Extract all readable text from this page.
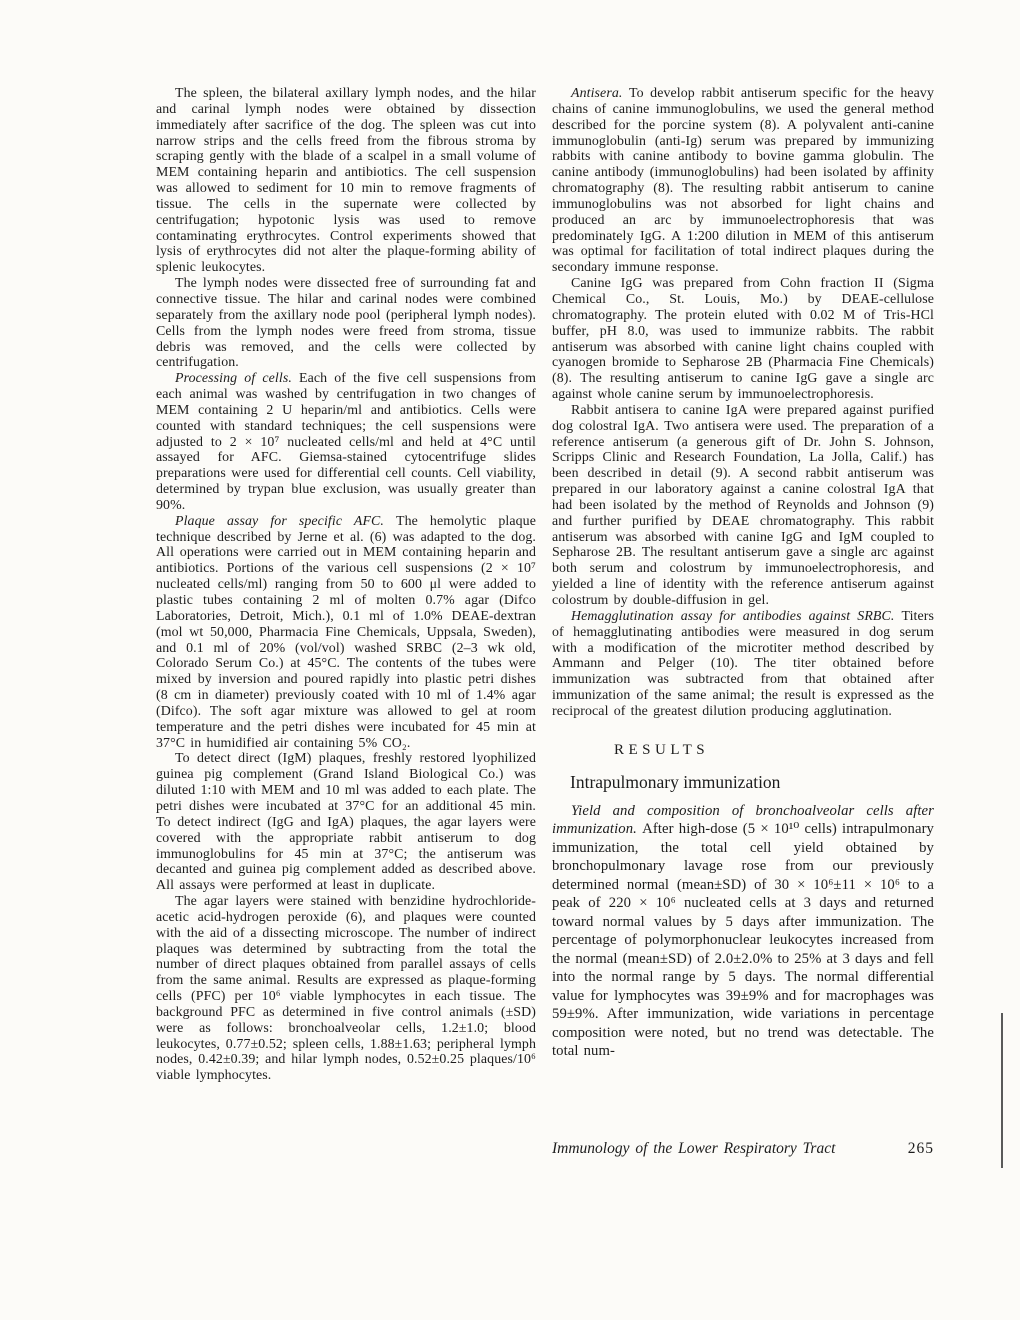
The spleen, the bilateral axillary lymph nodes, and the hilar and carinal lymph nodes were obtained by dissection immediately after sacrifice of the dog. The spleen was cut into narrow strips and the cells freed from the fibrous stroma by scraping gently with the blade of a scalpel in a small volume of MEM containing heparin and antibiotics. The cell suspension was allowed to sediment for 10 min to remove fragments of tissue. The cells in the supernate were collected by centrifugation; hypotonic lysis was used to remove contaminating erythrocytes. Control experiments showed that lysis of erythrocytes did not alter the plaque-forming ability of splenic leukocytes.

The lymph nodes were dissected free of surrounding fat and connective tissue. The hilar and carinal nodes were combined separately from the axillary node pool (peripheral lymph nodes). Cells from the lymph nodes were freed from stroma, tissue debris was removed, and the cells were collected by centrifugation.

Processing of cells. Each of the five cell suspensions from each animal was washed by centrifugation in two changes of MEM containing 2 U heparin/ml and antibiotics. Cells were counted with standard techniques; the cell suspensions were adjusted to 2 × 10⁷ nucleated cells/ml and held at 4°C until assayed for AFC. Giemsa-stained cytocentrifuge slides preparations were used for differential cell counts. Cell viability, determined by trypan blue exclusion, was usually greater than 90%.

Plaque assay for specific AFC. The hemolytic plaque technique described by Jerne et al. (6) was adapted to the dog. All operations were carried out in MEM containing heparin and antibiotics. Portions of the various cell suspensions (2 × 10⁷ nucleated cells/ml) ranging from 50 to 600 μl were added to plastic tubes containing 2 ml of molten 0.7% agar (Difco Laboratories, Detroit, Mich.), 0.1 ml of 1.0% DEAE-dextran (mol wt 50,000, Pharmacia Fine Chemicals, Uppsala, Sweden), and 0.1 ml of 20% (vol/vol) washed SRBC (2–3 wk old, Colorado Serum Co.) at 45°C. The contents of the tubes were mixed by inversion and poured rapidly into plastic petri dishes (8 cm in diameter) previously coated with 10 ml of 1.4% agar (Difco). The soft agar mixture was allowed to gel at room temperature and the petri dishes were incubated for 45 min at 37°C in humidified air containing 5% CO₂.

To detect direct (IgM) plaques, freshly restored lyophilized guinea pig complement (Grand Island Biological Co.) was diluted 1:10 with MEM and 10 ml was added to each plate. The petri dishes were incubated at 37°C for an additional 45 min. To detect indirect (IgG and IgA) plaques, the agar layers were covered with the appropriate rabbit antiserum to dog immunoglobulins for 45 min at 37°C; the antiserum was decanted and guinea pig complement added as described above. All assays were performed at least in duplicate.

The agar layers were stained with benzidine hydrochloride-acetic acid-hydrogen peroxide (6), and plaques were counted with the aid of a dissecting microscope. The number of indirect plaques was determined by subtracting from the total the number of direct plaques obtained from parallel assays of cells from the same animal. Results are expressed as plaque-forming cells (PFC) per 10⁶ viable lymphocytes in each tissue. The background PFC as determined in five control animals (±SD) were as follows: bronchoalveolar cells, 1.2±1.0; blood leukocytes, 0.77±0.52; spleen cells, 1.88±1.63; peripheral lymph nodes, 0.42±0.39; and hilar lymph nodes, 0.52±0.25 plaques/10⁶ viable lymphocytes.

Antisera. To develop rabbit antiserum specific for the heavy chains of canine immunoglobulins, we used the general method described for the porcine system (8). A polyvalent anti-canine immunoglobulin (anti-Ig) serum was prepared by immunizing rabbits with canine antibody to bovine gamma globulin. The canine antibody (immunoglobulins) had been isolated by affinity chromatography (8). The resulting rabbit antiserum to canine immunoglobulins was not absorbed for light chains and produced an arc by immunoelectrophoresis that was predominately IgG. A 1:200 dilution in MEM of this antiserum was optimal for facilitation of total indirect plaques during the secondary immune response.

Canine IgG was prepared from Cohn fraction II (Sigma Chemical Co., St. Louis, Mo.) by DEAE-cellulose chromatography. The protein eluted with 0.02 M of Tris-HCl buffer, pH 8.0, was used to immunize rabbits. The rabbit antiserum was absorbed with canine light chains coupled with cyanogen bromide to Sepharose 2B (Pharmacia Fine Chemicals) (8). The resulting antiserum to canine IgG gave a single arc against whole canine serum by immunoelectrophoresis.

Rabbit antisera to canine IgA were prepared against purified dog colostral IgA. Two antisera were used. The preparation of a reference antiserum (a generous gift of Dr. John S. Johnson, Scripps Clinic and Research Foundation, La Jolla, Calif.) has been described in detail (9). A second rabbit antiserum was prepared in our laboratory against a canine colostral IgA that had been isolated by the method of Reynolds and Johnson (9) and further purified by DEAE chromatography. This rabbit antiserum was absorbed with canine IgG and IgM coupled to Sepharose 2B. The resultant antiserum gave a single arc against both serum and colostrum by immunoelectrophoresis, and yielded a line of identity with the reference antiserum against colostrum by double-diffusion in gel.

Hemagglutination assay for antibodies against SRBC. Titers of hemagglutinating antibodies were measured in dog serum with a modification of the microtiter method described by Ammann and Pelger (10). The titer obtained before immunization was subtracted from that obtained after immunization of the same animal; the result is expressed as the reciprocal of the greatest dilution producing agglutination.

RESULTS
Intrapulmonary immunization

Yield and composition of bronchoalveolar cells after immunization. After high-dose (5 × 10¹⁰ cells) intrapulmonary immunization, the total cell yield obtained by bronchopulmonary lavage rose from our previously determined normal (mean±SD) of 30 × 10⁶±11 × 10⁶ to a peak of 220 × 10⁶ nucleated cells at 3 days and returned toward normal values by 5 days after immunization. The percentage of polymorphonuclear leukocytes increased from the normal (mean±SD) of 2.0±2.0% to 25% at 3 days and fell into the normal range by 5 days. The normal differential value for lymphocytes was 39±9% and for macrophages was 59±9%. After immunization, wide variations in percentage composition were noted, but no trend was detectable. The total num-

Immunology of the Lower Respiratory Tract	265
